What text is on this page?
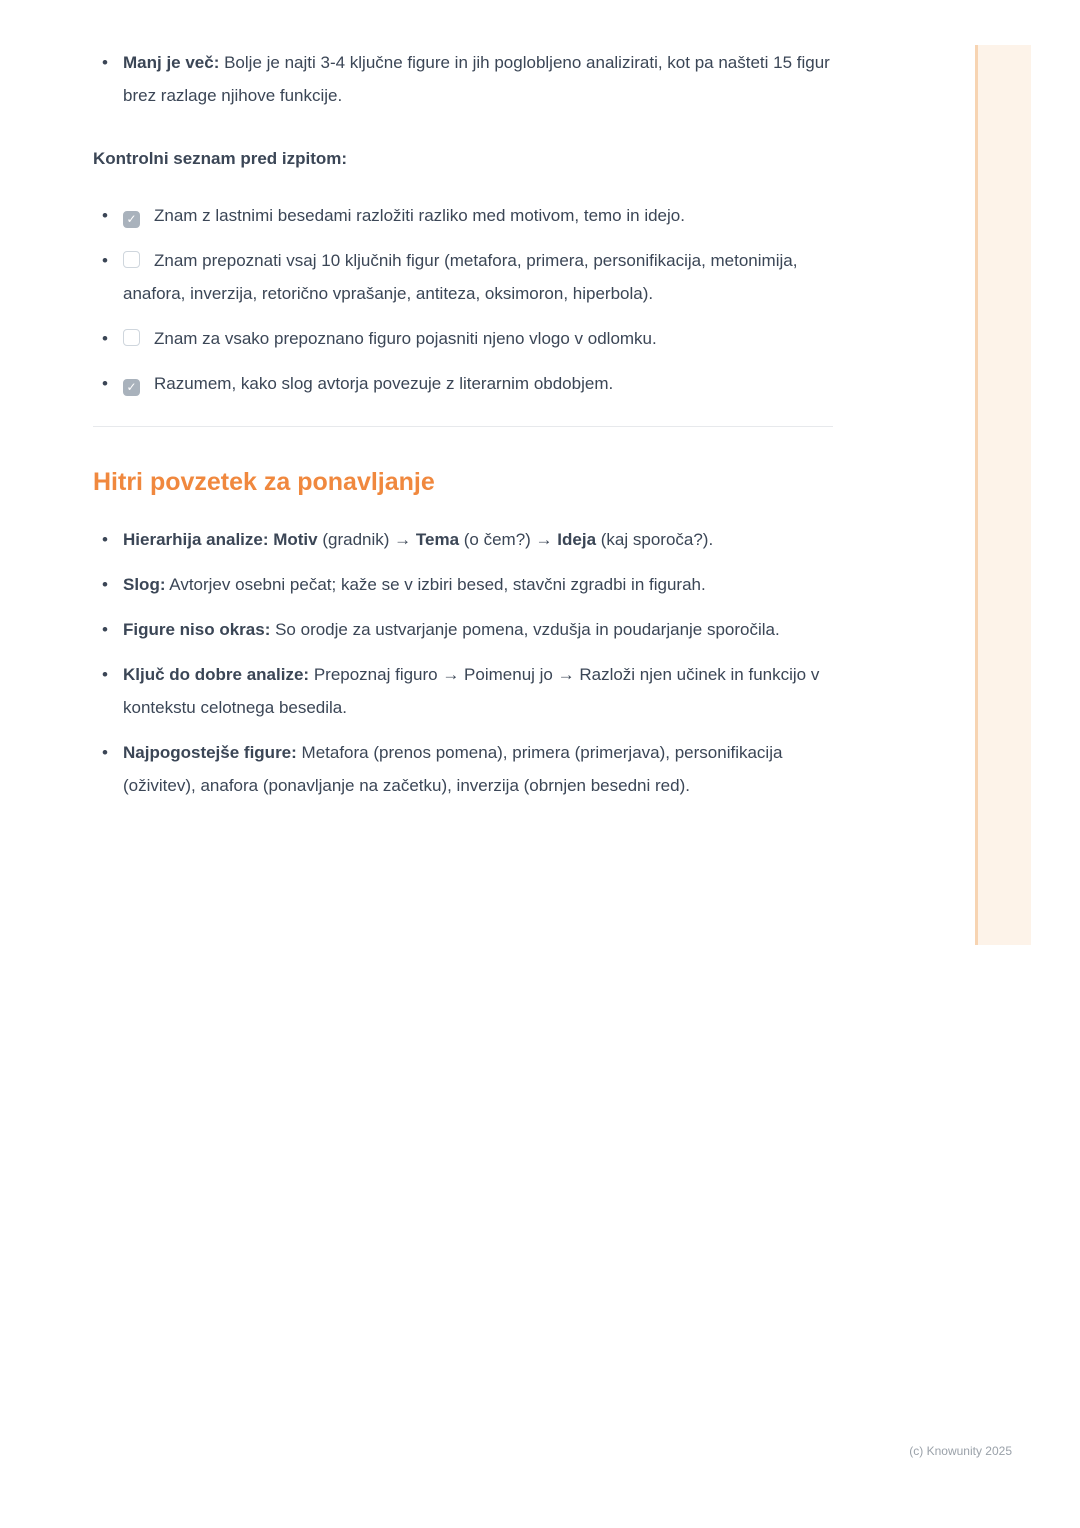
• Manj je več: Bolje je najti 3-4 ključne figure in jih poglobljeno analizirati, kot pa našteti 15 figur brez razlage njihove funkcije.

Kontrolni seznam pred izpitom:

• ✓ Znam z lastnimi besedami razložiti razliko med motivom, temo in idejo.
• Znam prepoznati vsaj 10 ključnih figur (metafora, primera, personifikacija, metonimija, anafora, inverzija, retorično vprašanje, antiteza, oksimoron, hiperbola).
• Znam za vsako prepoznano figuro pojasniti njeno vlogo v odlomku.
• ✓ Razumem, kako slog avtorja povezuje z literarnim obdobjem.
Hitri povzetek za ponavljanje
• Hierarhija analize: Motiv (gradnik) → Tema (o čem?) → Ideja (kaj sporoča?).
• Slog: Avtorjev osebni pečat; kaže se v izbiri besed, stavčni zgradbi in figurah.
• Figure niso okras: So orodje za ustvarjanje pomena, vzdušja in poudarjanje sporočila.
• Ključ do dobre analize: Prepoznaj figuro → Poimenuj jo → Razloži njen učinek in funkcijo v kontekstu celotnega besedila.
• Najpogostejše figure: Metafora (prenos pomena), primera (primerjava), personifikacija (oživitev), anafora (ponavljanje na začetku), inverzija (obrnjen besedni red).
(c) Knowunity 2025
